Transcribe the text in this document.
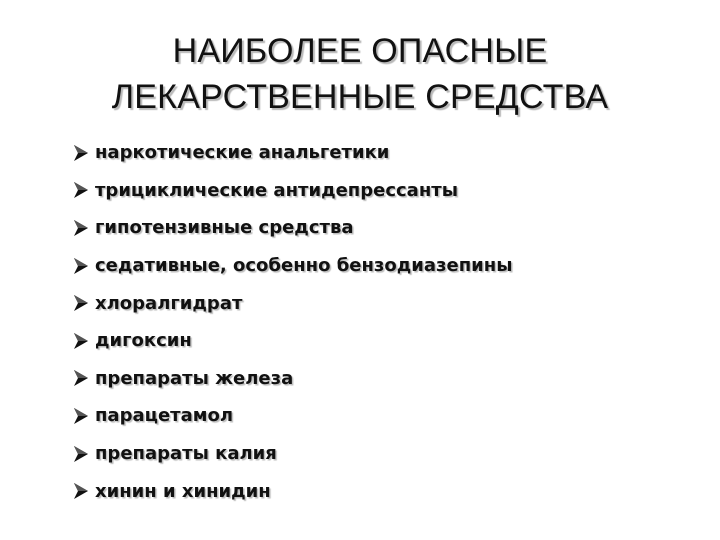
НАИБОЛЕЕ ОПАСНЫЕ
ЛЕКАРСТВЕННЫЕ СРЕДСТВА
наркотические анальгетики
трициклические антидепрессанты
гипотензивные средства
седативные, особенно бензодиазепины
хлоралгидрат
дигоксин
препараты железа
парацетамол
препараты калия
хинин и хинидин
